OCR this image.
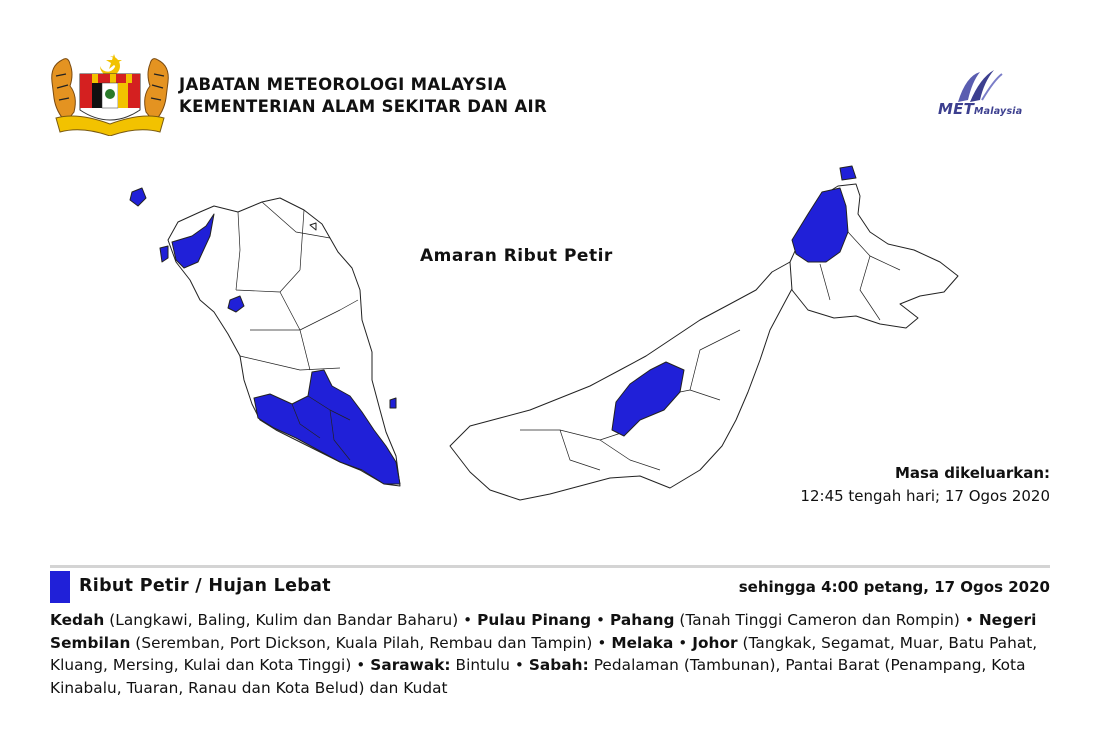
JABATAN METEOROLOGI MALAYSIA
KEMENTERIAN ALAM SEKITAR DAN AIR	METMalaysia
Amaran Ribut Petir
Masa dikeluarkan:
12:45 tengah hari; 17 Ogos 2020
Ribut Petir / Hujan Lebat	sehingga 4:00 petang, 17 Ogos 2020
Kedah (Langkawi, Baling, Kulim dan Bandar Baharu) • Pulau Pinang • Pahang (Tanah Tinggi Cameron dan Rompin) • Negeri Sembilan (Seremban, Port Dickson, Kuala Pilah, Rembau dan Tampin) • Melaka • Johor (Tangkak, Segamat, Muar, Batu Pahat, Kluang, Mersing, Kulai dan Kota Tinggi) • Sarawak: Bintulu • Sabah: Pedalaman (Tambunan), Pantai Barat (Penampang, Kota Kinabalu, Tuaran, Ranau dan Kota Belud) dan Kudat
